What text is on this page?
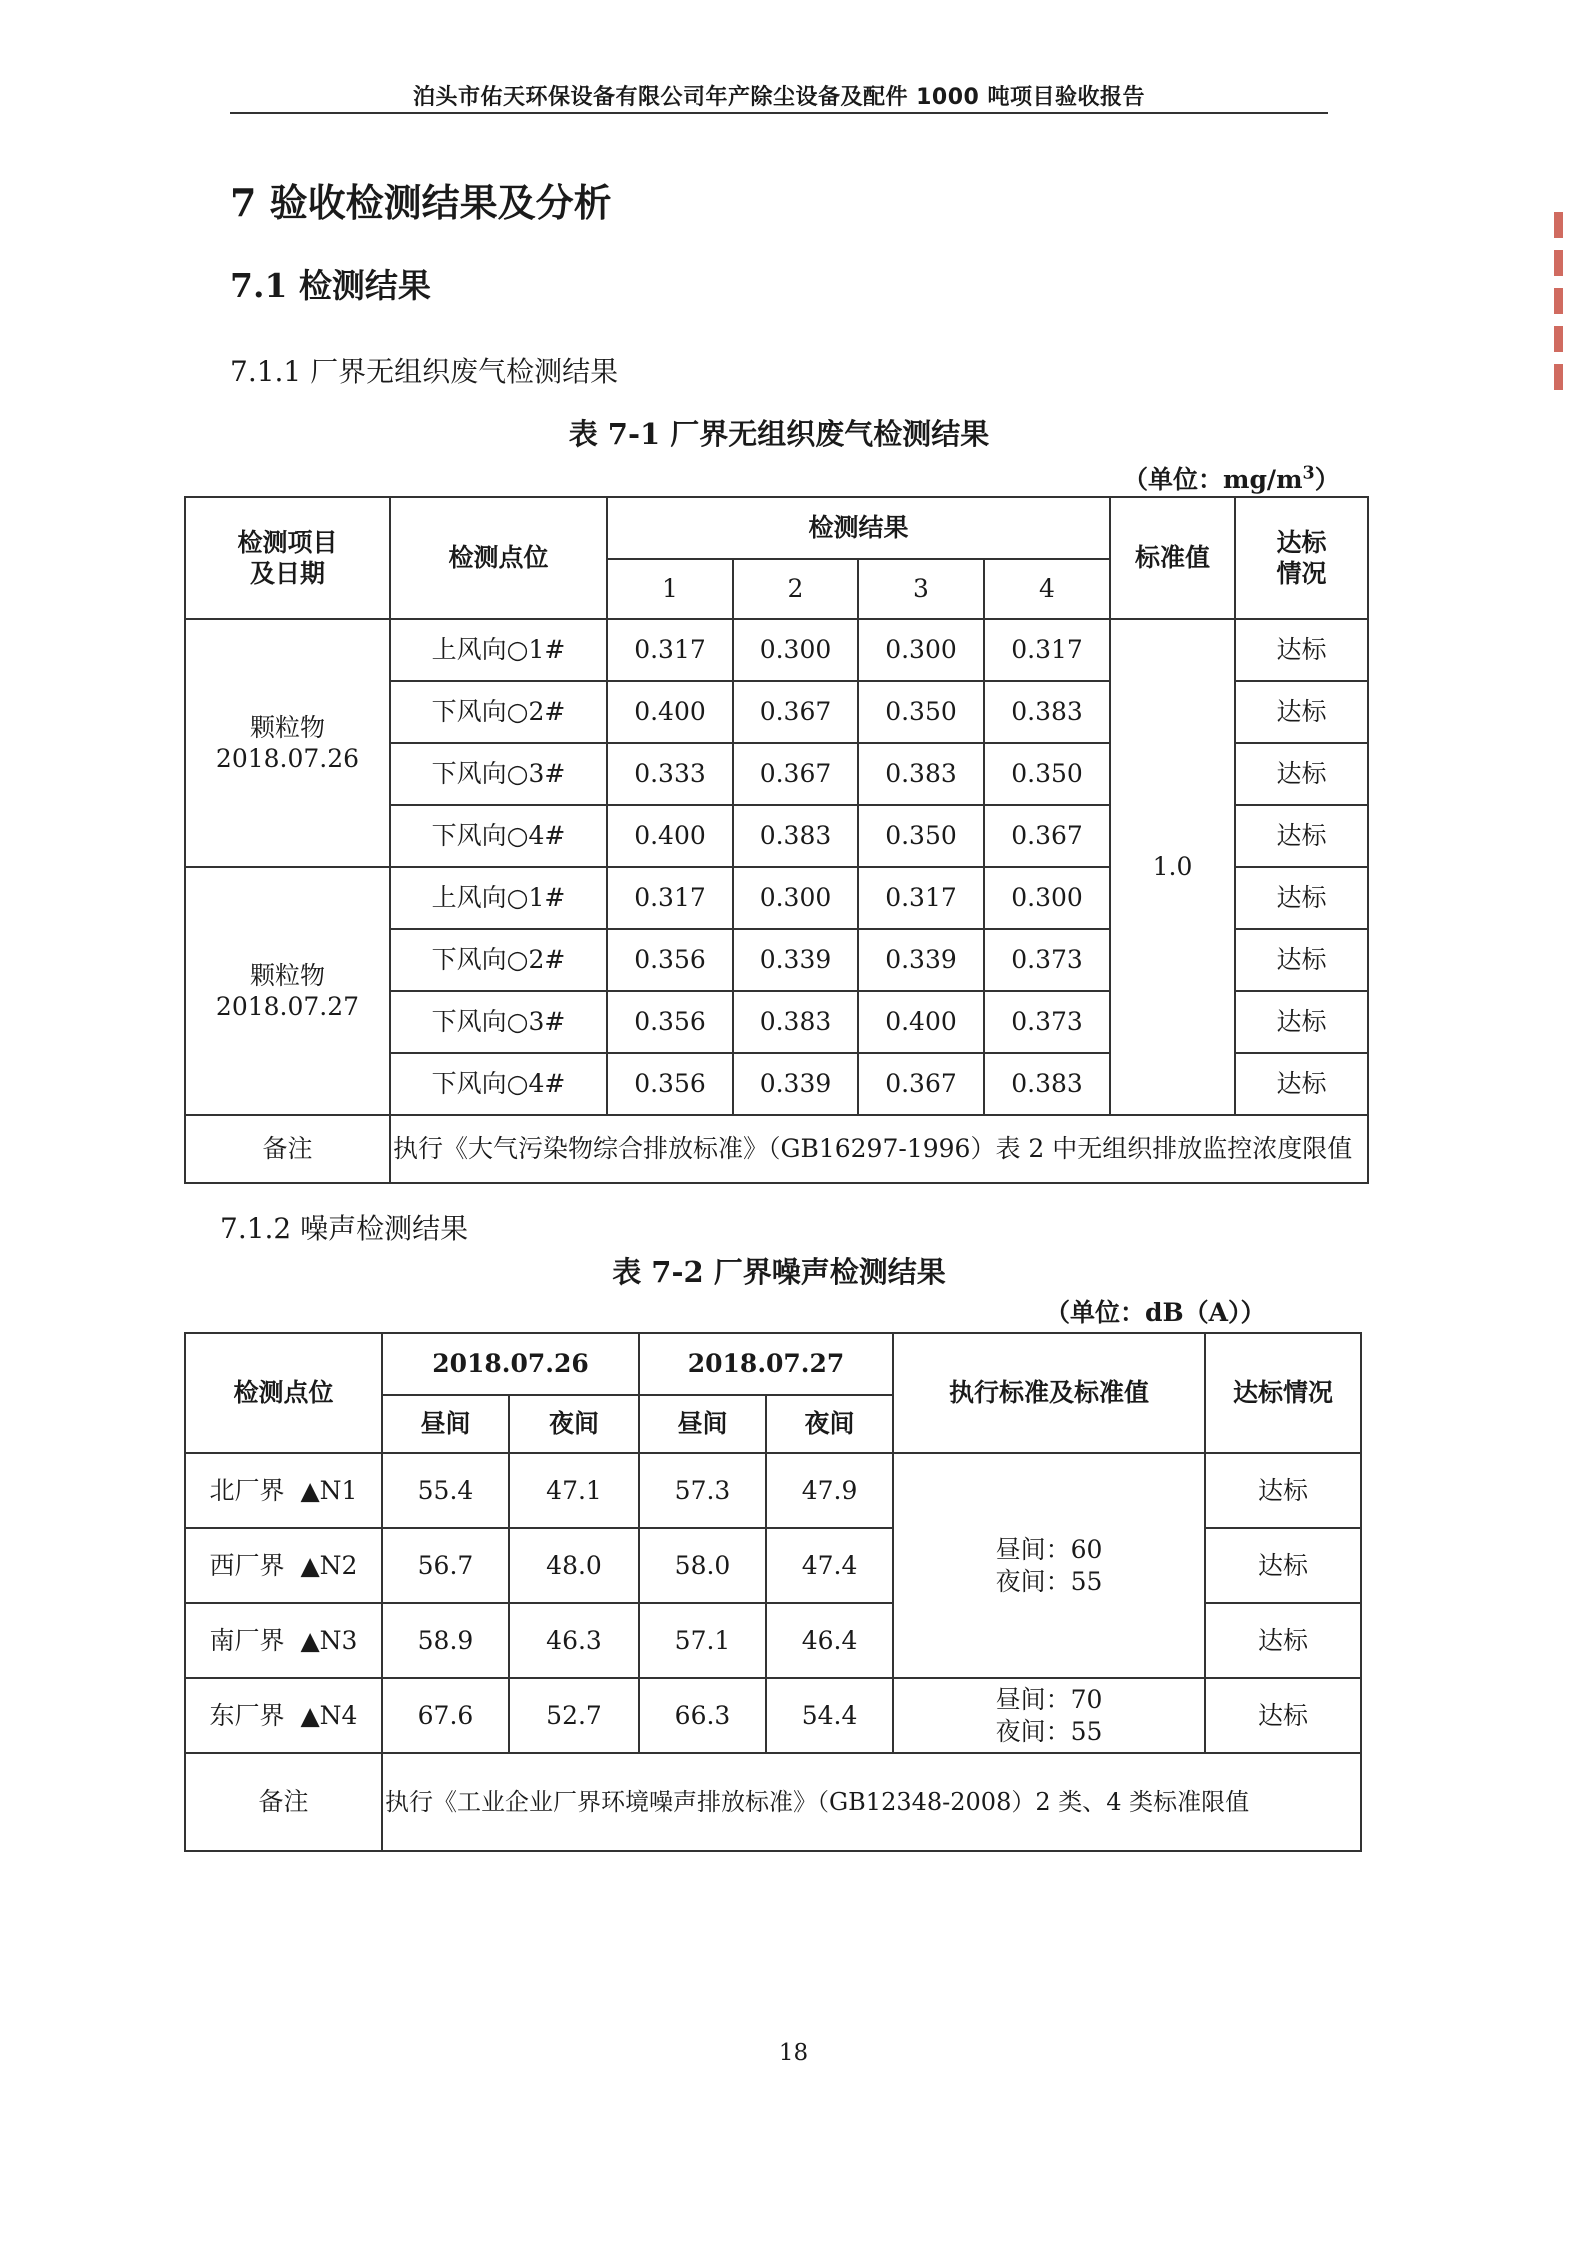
泊头市佑天环保设备有限公司年产除尘设备及配件 1000 吨项目验收报告
7 验收检测结果及分析
7.1 检测结果
7.1.1 厂界无组织废气检测结果
表 7-1 厂界无组织废气检测结果
（单位：$mg/m^3$）
检测项目及日期	检测点位	检测结果				标准值	达标情况
		1	2	3	4		

颗粒物
2018.07.26	上风向○1#	0.317	0.300	0.300	0.317	1.0	达标
	下风向○2#	0.400	0.367	0.350	0.383		达标
	下风向○3#	0.333	0.367	0.383	0.350		达标
	下风向○4#	0.400	0.383	0.350	0.367		达标

颗粒物
2018.07.27	上风向○1#	0.317	0.300	0.317	0.300		达标
	下风向○2#	0.356	0.339	0.339	0.373		达标
	下风向○3#	0.356	0.383	0.400	0.373		达标
	下风向○4#	0.356	0.339	0.367	0.383		达标
备注	执行《大气污染物综合排放标准》（GB16297-1996）表 2 中无组织排放监控浓度限值						
7.1.2 噪声检测结果
表 7-2 厂界噪声检测结果
（单位：dB（A））
检测点位	2018.07.26		2018.07.27		执行标准及标准值	达标情况
	昼间	夜间	昼间	夜间		
北厂界  ▲N1	55.4	47.1	57.3	47.9	昼间：60
夜间：55	达标
西厂界  ▲N2	56.7	48.0	58.0	47.4		达标
南厂界  ▲N3	58.9	46.3	57.1	46.4		达标
东厂界  ▲N4	67.6	52.7	66.3	54.4	昼间：70
夜间：55	达标
备注	执行《工业企业厂界环境噪声排放标准》（GB12348-2008）2 类、4 类标准限值					
18
